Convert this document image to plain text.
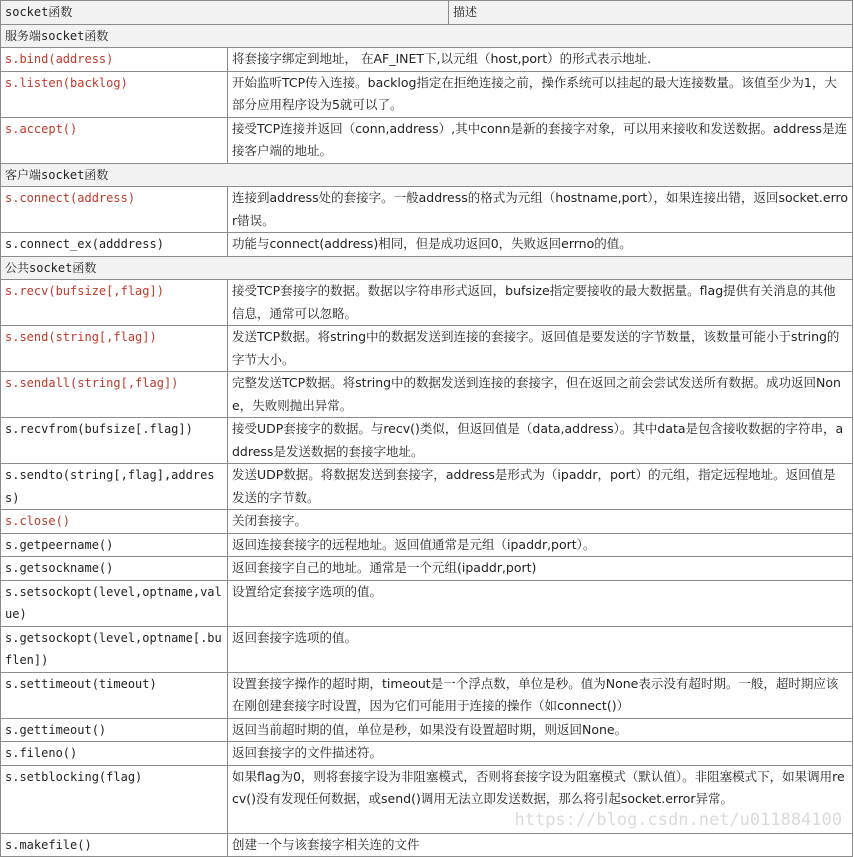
socket函数		描述
服务端socket函数		
s.bind(address)	将套接字绑定到地址， 在AF_INET下,以元组（host,port）的形式表示地址.	
s.listen(backlog)	开始监听TCP传入连接。backlog指定在拒绝连接之前，操作系统可以挂起的最大连接数量。该值至少为1，大部分应用程序设为5就可以了。	
s.accept()	接受TCP连接并返回（conn,address）,其中conn是新的套接字对象，可以用来接收和发送数据。address是连接客户端的地址。	
客户端socket函数		
s.connect(address)	连接到address处的套接字。一般address的格式为元组（hostname,port），如果连接出错，返回socket.error错误。	
s.connect_ex(adddress)	功能与connect(address)相同，但是成功返回0，失败返回errno的值。	
公共socket函数		
s.recv(bufsize[,flag])	接受TCP套接字的数据。数据以字符串形式返回，bufsize指定要接收的最大数据量。flag提供有关消息的其他信息，通常可以忽略。	
s.send(string[,flag])	发送TCP数据。将string中的数据发送到连接的套接字。返回值是要发送的字节数量，该数量可能小于string的字节大小。	
s.sendall(string[,flag])	完整发送TCP数据。将string中的数据发送到连接的套接字，但在返回之前会尝试发送所有数据。成功返回None，失败则抛出异常。	
s.recvfrom(bufsize[.flag])	接受UDP套接字的数据。与recv()类似，但返回值是（data,address）。其中data是包含接收数据的字符串，address是发送数据的套接字地址。	
s.sendto(string[,flag],address)	发送UDP数据。将数据发送到套接字，address是形式为（ipaddr，port）的元组，指定远程地址。返回值是发送的字节数。	
s.close()	关闭套接字。	
s.getpeername()	返回连接套接字的远程地址。返回值通常是元组（ipaddr,port）。	
s.getsockname()	返回套接字自己的地址。通常是一个元组(ipaddr,port)	
s.setsockopt(level,optname,value)	设置给定套接字选项的值。	
s.getsockopt(level,optname[.buflen])	返回套接字选项的值。	
s.settimeout(timeout)	设置套接字操作的超时期，timeout是一个浮点数，单位是秒。值为None表示没有超时期。一般，超时期应该在刚创建套接字时设置，因为它们可能用于连接的操作（如connect()）	
s.gettimeout()	返回当前超时期的值，单位是秒，如果没有设置超时期，则返回None。	
s.fileno()	返回套接字的文件描述符。	
s.setblocking(flag)	如果flag为0，则将套接字设为非阻塞模式，否则将套接字设为阻塞模式（默认值）。非阻塞模式下，如果调用recv()没有发现任何数据，或send()调用无法立即发送数据，那么将引起socket.error异常。	
s.makefile()	创建一个与该套接字相关连的文件	
https://blog.csdn.net/u011884100
